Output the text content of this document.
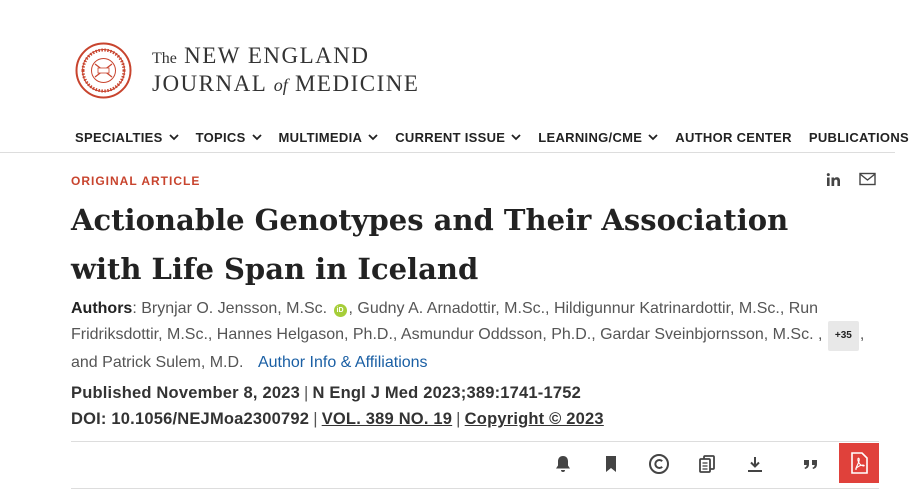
The NEW ENGLAND
JOURNAL of MEDICINE
SPECIALTIES	TOPICS	MULTIMEDIA	CURRENT ISSUE	LEARNING/CME	AUTHOR CENTER PUBLICATIONS
ORIGINAL ARTICLE
Actionable Genotypes and Their Association with Life Span in Iceland
Authors: Brynjar O. Jensson, M.Sc. iD , Gudny A. Arnadottir, M.Sc., Hildigunnur Katrinardottir, M.Sc., Run Fridriksdottir, M.Sc., Hannes Helgason, Ph.D., Asmundur Oddsson, Ph.D., Gardar Sveinbjornsson, M.Sc. , +35 , and Patrick Sulem, M.D. Author Info & Affiliations
Published November 8, 2023 | N Engl J Med 2023;389:1741-1752
DOI: 10.1056/NEJMoa2300792 | VOL. 389 NO. 19 | Copyright © 2023
